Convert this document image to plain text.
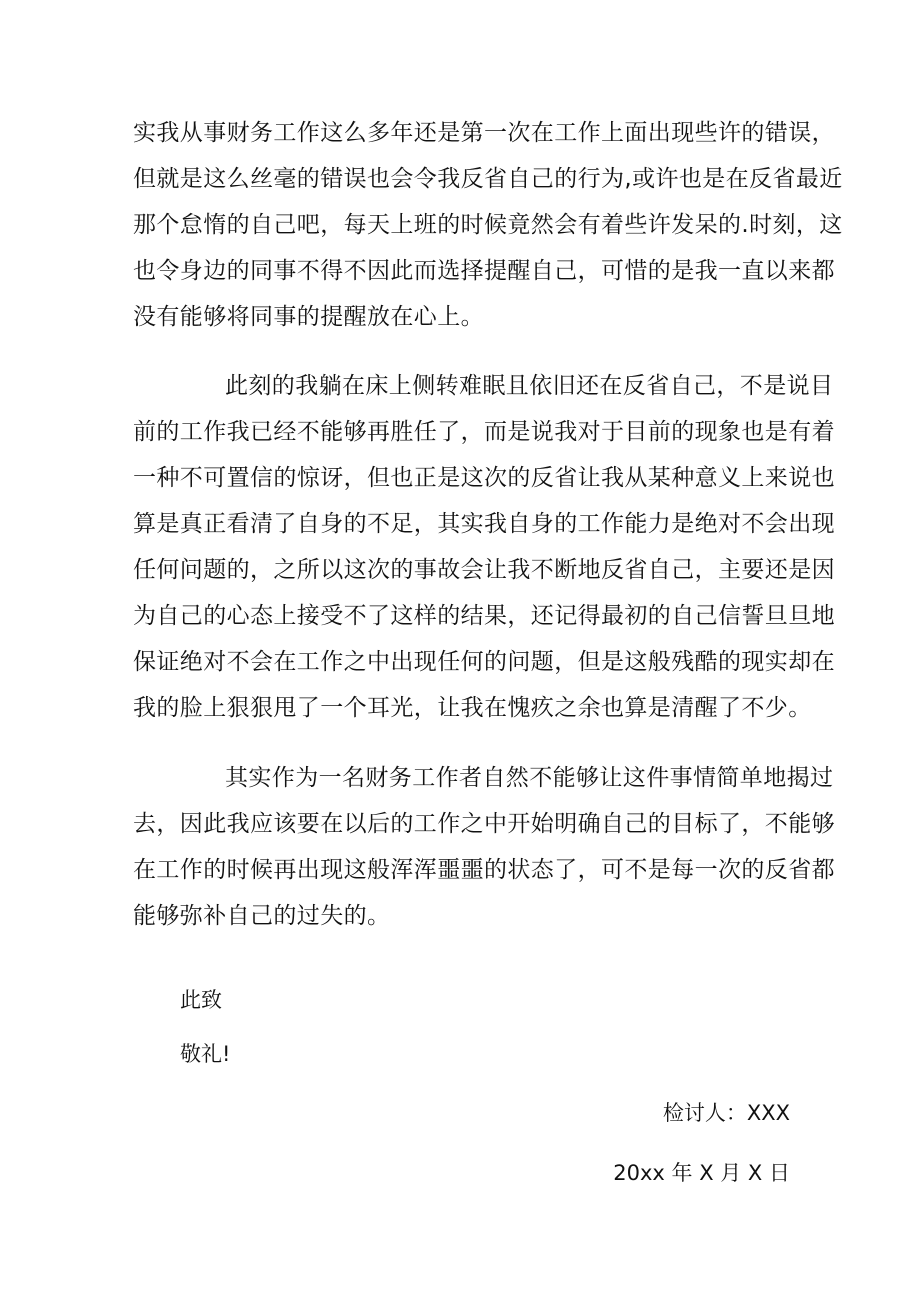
实我从事财务工作这么多年还是第一次在工作上面出现些许的错误，
但就是这么丝毫的错误也会令我反省自己的行为,或许也是在反省最近
那个怠惰的自己吧，每天上班的时候竟然会有着些许发呆的.时刻，这
也令身边的同事不得不因此而选择提醒自己，可惜的是我一直以来都
没有能够将同事的提醒放在心上。
此刻的我躺在床上侧转难眠且依旧还在反省自己，不是说目
前的工作我已经不能够再胜任了，而是说我对于目前的现象也是有着
一种不可置信的惊讶，但也正是这次的反省让我从某种意义上来说也
算是真正看清了自身的不足，其实我自身的工作能力是绝对不会出现
任何问题的，之所以这次的事故会让我不断地反省自己，主要还是因
为自己的心态上接受不了这样的结果，还记得最初的自己信誓旦旦地
保证绝对不会在工作之中出现任何的问题，但是这般残酷的现实却在
我的脸上狠狠甩了一个耳光，让我在愧疚之余也算是清醒了不少。
其实作为一名财务工作者自然不能够让这件事情简单地揭过
去，因此我应该要在以后的工作之中开始明确自己的目标了，不能够
在工作的时候再出现这般浑浑噩噩的状态了，可不是每一次的反省都
能够弥补自己的过失的。
此致
敬礼!
检讨人：XXX
20xx 年 X 月 X 日
